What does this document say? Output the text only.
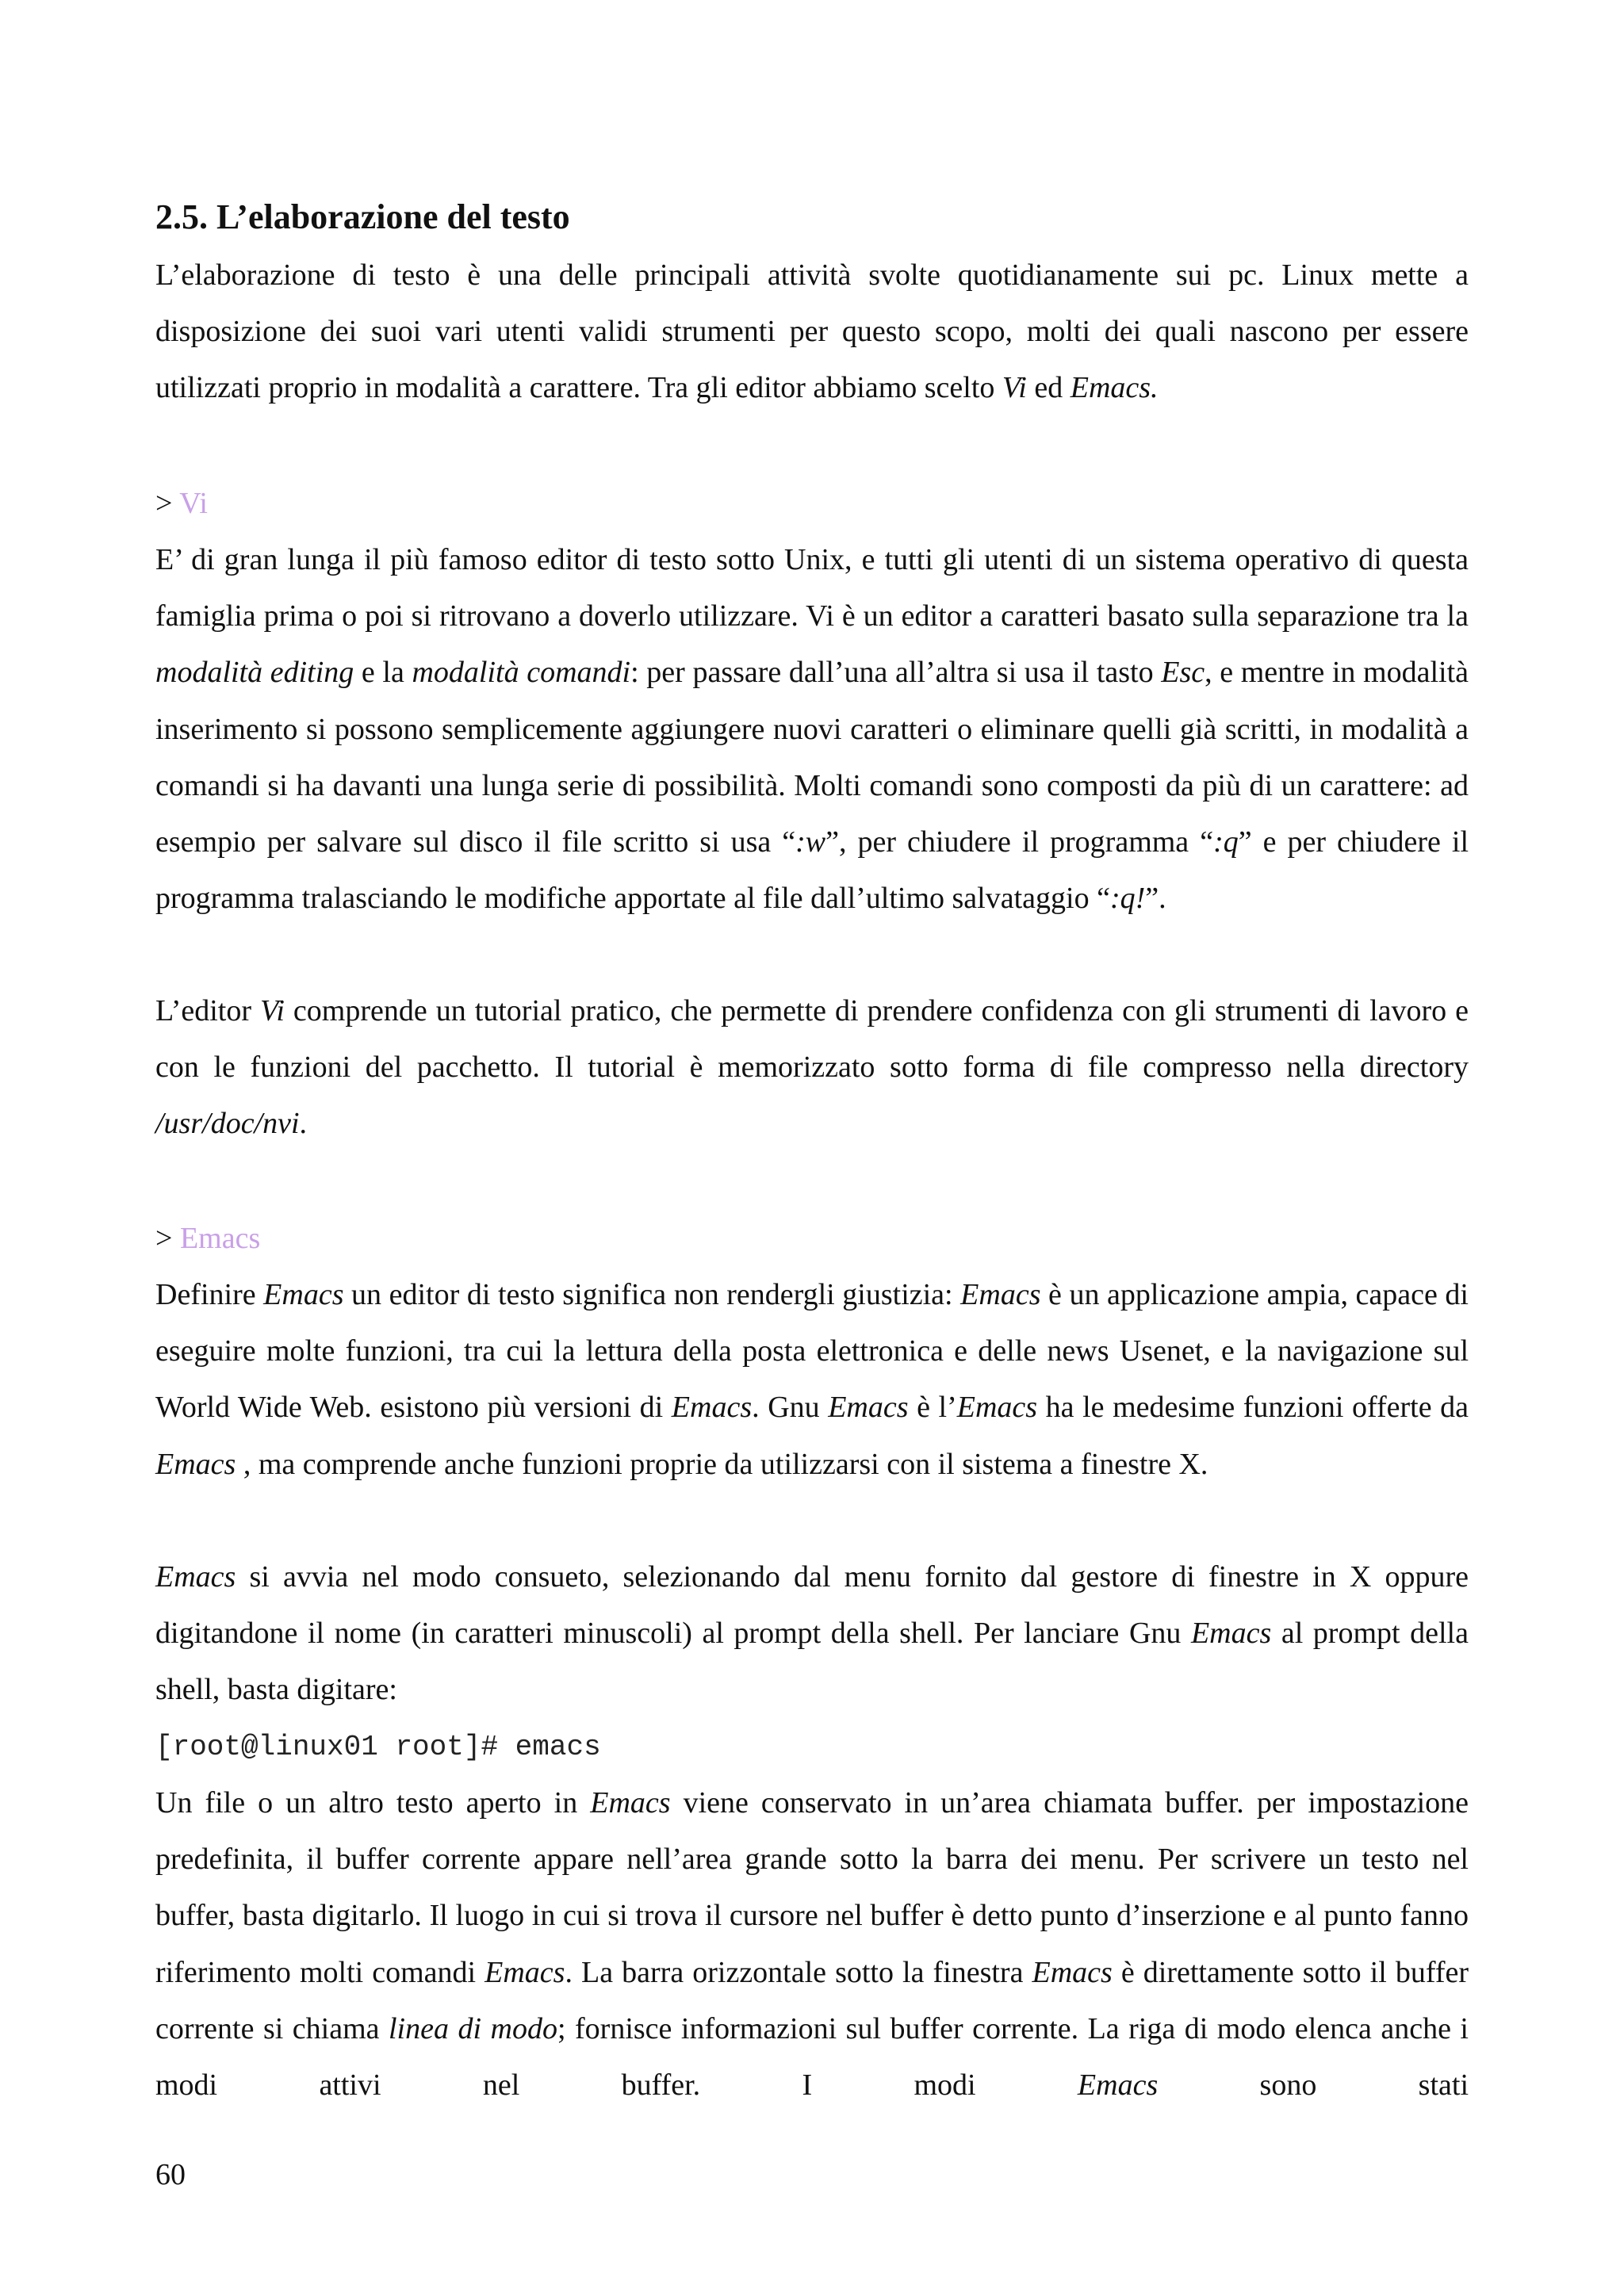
2.5. L’elaborazione del testo

L’elaborazione di testo è una delle principali attività svolte quotidianamente sui pc. Linux mette a disposizione dei suoi vari utenti validi strumenti per questo scopo, molti dei quali nascono per essere utilizzati proprio in modalità a carattere. Tra gli editor abbiamo scelto Vi ed Emacs.

> Vi

E’ di gran lunga il più famoso editor di testo sotto Unix, e tutti gli utenti di un sistema operativo di questa famiglia prima o poi si ritrovano a doverlo utilizzare. Vi è un editor a caratteri basato sulla separazione tra la modalità editing e la modalità comandi: per passare dall’una all’altra si usa il tasto Esc, e mentre in modalità inserimento si possono semplicemente aggiungere nuovi caratteri o eliminare quelli già scritti, in modalità a comandi si ha davanti una lunga serie di possibilità. Molti comandi sono composti da più di un carattere: ad esempio per salvare sul disco il file scritto si usa “:w”, per chiudere il programma “:q” e per chiudere il programma tralasciando le modifiche apportate al file dall’ultimo salvataggio “:q!”.

L’editor Vi comprende un tutorial pratico, che permette di prendere confidenza con gli strumenti di lavoro e con le funzioni del pacchetto. Il tutorial è memorizzato sotto forma di file compresso nella directory /usr/doc/nvi.

> Emacs

Definire Emacs un editor di testo significa non rendergli giustizia: Emacs è un applicazione ampia, capace di eseguire molte funzioni, tra cui la lettura della posta elettronica e delle news Usenet, e la navigazione sul World Wide Web. esistono più versioni di Emacs. Gnu Emacs è l’Emacs ha le medesime funzioni offerte da Emacs , ma comprende anche funzioni proprie da utilizzarsi con il sistema a finestre X.

Emacs si avvia nel modo consueto, selezionando dal menu fornito dal gestore di finestre in X oppure digitandone il nome (in caratteri minuscoli) al prompt della shell. Per lanciare Gnu Emacs al prompt della shell, basta digitare:

[root@linux01 root]# emacs

Un file o un altro testo aperto in Emacs viene conservato in un’area chiamata buffer. per impostazione predefinita, il buffer corrente appare nell’area grande sotto la barra dei menu. Per scrivere un testo nel buffer, basta digitarlo. Il luogo in cui si trova il cursore nel buffer è detto punto d’inserzione e al punto fanno riferimento molti comandi Emacs. La barra orizzontale sotto la finestra Emacs è direttamente sotto il buffer corrente si chiama linea di modo; fornisce informazioni sul buffer corrente. La riga di modo elenca anche i modi attivi nel buffer. I modi Emacs sono stati

60
